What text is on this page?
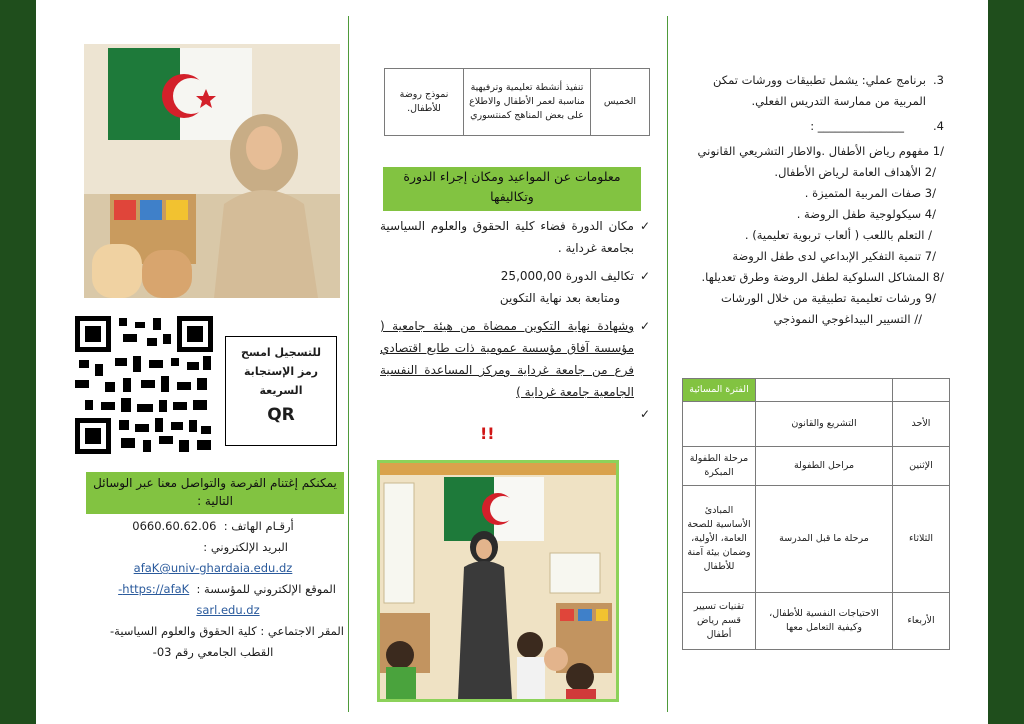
للتسجيل امسح
رمز الإستجابة
السريعة
QR
يمكنكم إغتنام الفرصة والتواصل معنا عبر الوسائل التالية :
أرقـام الهاتف :  0660.60.62.06
البريد الإلكتروني :
afaK@univ-ghardaia.edu.dz
الموقع الإلكتروني للمؤسسة :  https://afaK-
sarl.edu.dz
المقر الاجتماعي : كلية الحقوق والعلوم السياسية-
القطب الجامعي رقم 03-
الخميس	تنفيذ أنشطة تعليمية وترفيهية مناسبة لعمر الأطفال والاطلاع على بعض المناهج كمنتسوري	نموذج روضة للأطفال.
معلومات عن المواعيد ومكان إجراء الدورة وتكاليفها
✓
مكان الدورة فضاء كلية الحقوق والعلوم السياسية بجامعة غرداية .
✓
تكاليف الدورة 25,000,00
ومتابعة بعد نهاية التكوين
✓
وشهادة نهاية التكوين ممضاة من هيئة جامعية ( مؤسسة آفاق مؤسسة عمومية ذات طابع اقتصادي فرع من جامعة غرداية ومركز المساعدة النفسية الجامعية جامعة غرداية )
✓

!!
3.
برنامج عملي: يشمل تطبيقات وورشات تمكن المربية من ممارسة التدريس الفعلي.
4.
_______________ :
/1 مفهوم رياض الأطفال .والاطار التشريعي القانوني
/2 الأهداف العامة لرياض الأطفال.
/3 صفات المربية المتميزة .
/4 سيكولوجية طفل الروضة .
/ التعلم باللعب ( ألعاب تربوية تعليمية) .
/7 تنمية التفكير الإبداعي لدى طفل الروضة
/8 المشاكل السلوكية لطفل الروضة وطرق تعديلها.
/9 ورشات تعليمية تطبيقية من خلال الورشات
// التسيير البيداغوجي النموذجي
		الفترة المسائية
الأحد	التشريع والقانون	
الإثنين	مراحل الطفولة	مرحلة الطفولة المبكرة
الثلاثاء	مرحلة ما قبل المدرسة	المبادئ الأساسية للصحة العامة، الأولية، وضمان بيئة آمنة للأطفال
الأربعاء	الاحتياجات النفسية للأطفال، وكيفية التعامل معها	تقنيات تسيير قسم رياض أطفال
